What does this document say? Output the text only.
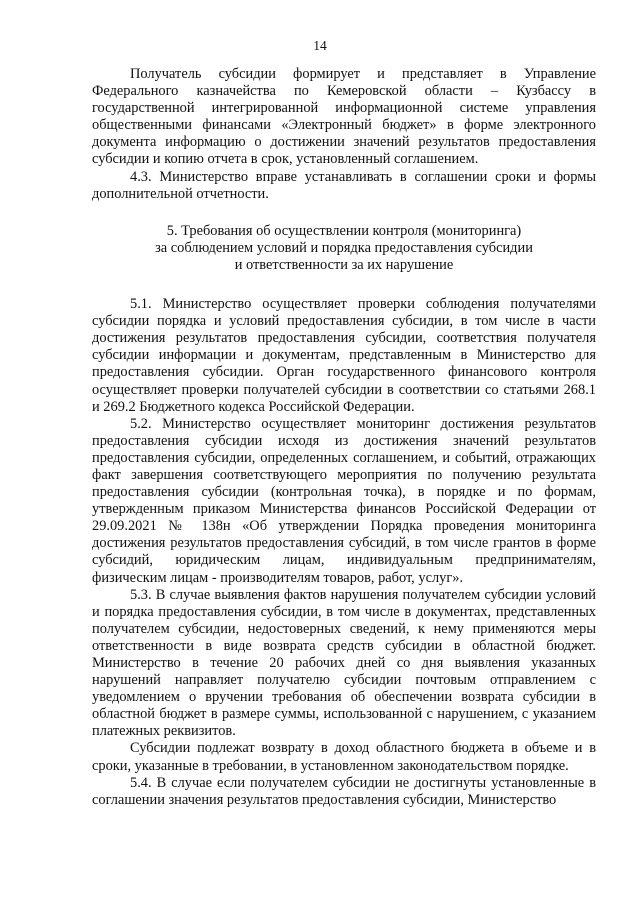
14

Получатель субсидии формирует и представляет в Управление Федерального казначейства по Кемеровской области – Кузбассу в государственной интегрированной информационной системе управления общественными финансами «Электронный бюджет» в форме электронного документа информацию о достижении значений результатов предоставления субсидии и копию отчета в срок, установленный соглашением.

4.3. Министерство вправе устанавливать в соглашении сроки и формы дополнительной отчетности.

5. Требования об осуществлении контроля (мониторинга)
за соблюдением условий и порядка предоставления субсидии
и ответственности за их нарушение

5.1. Министерство осуществляет проверки соблюдения получателями субсидии порядка и условий предоставления субсидии, в том числе в части достижения результатов предоставления субсидии, соответствия получателя субсидии информации и документам, представленным в Министерство для предоставления субсидии. Орган государственного финансового контроля осуществляет проверки получателей субсидии в соответствии со статьями 268.1 и 269.2 Бюджетного кодекса Российской Федерации.

5.2. Министерство осуществляет мониторинг достижения результатов предоставления субсидии исходя из достижения значений результатов предоставления субсидии, определенных соглашением, и событий, отражающих факт завершения соответствующего мероприятия по получению результата предоставления субсидии (контрольная точка), в порядке и по формам, утвержденным приказом Министерства финансов Российской Федерации от 29.09.2021 № 138н «Об утверждении Порядка проведения мониторинга достижения результатов предоставления субсидий, в том числе грантов в форме субсидий, юридическим лицам, индивидуальным предпринимателям, физическим лицам - производителям товаров, работ, услуг».

5.3. В случае выявления фактов нарушения получателем субсидии условий и порядка предоставления субсидии, в том числе в документах, представленных получателем субсидии, недостоверных сведений, к нему применяются меры ответственности в виде возврата средств субсидии в областной бюджет. Министерство в течение 20 рабочих дней со дня выявления указанных нарушений направляет получателю субсидии почтовым отправлением с уведомлением о вручении требования об обеспечении возврата субсидии в областной бюджет в размере суммы, использованной с нарушением, с указанием платежных реквизитов.

Субсидии подлежат возврату в доход областного бюджета в объеме и в сроки, указанные в требовании, в установленном законодательством порядке.

5.4. В случае если получателем субсидии не достигнуты установленные в соглашении значения результатов предоставления субсидии, Министерство
